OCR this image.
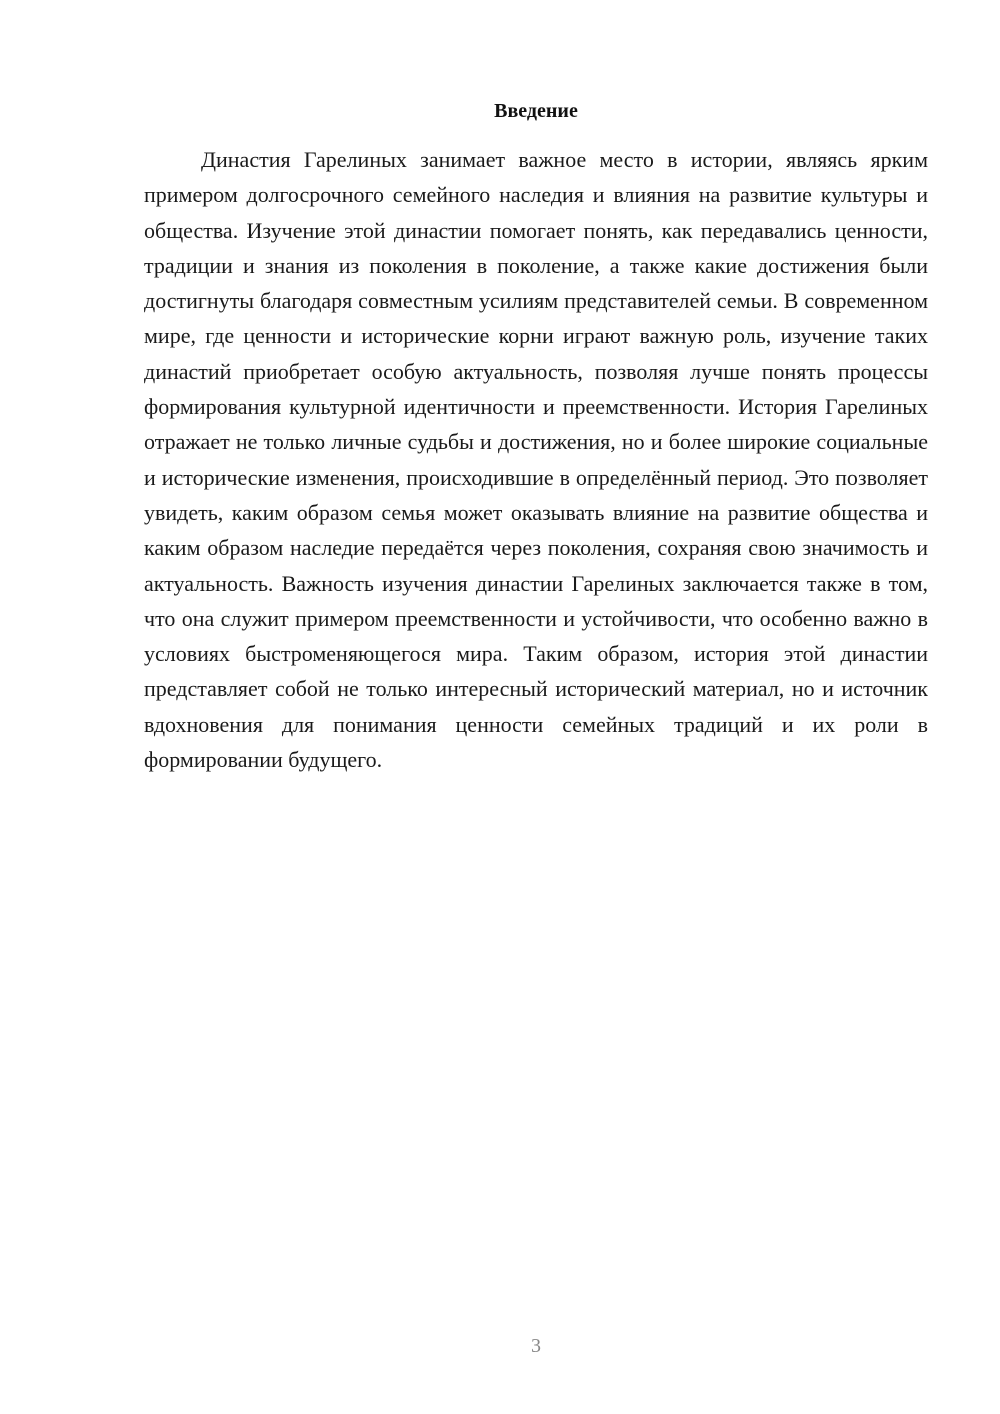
Введение

Династия Гарелиных занимает важное место в истории, являясь ярким примером долгосрочного семейного наследия и влияния на развитие культуры и общества. Изучение этой династии помогает понять, как передавались ценности, традиции и знания из поколения в поколение, а также какие достижения были достигнуты благодаря совместным усилиям представителей семьи. В современном мире, где ценности и исторические корни играют важную роль, изучение таких династий приобретает особую актуальность, позволяя лучше понять процессы формирования культурной идентичности и преемственности. История Гарелиных отражает не только личные судьбы и достижения, но и более широкие социальные и исторические изменения, происходившие в определённый период. Это позволяет увидеть, каким образом семья может оказывать влияние на развитие общества и каким образом наследие передаётся через поколения, сохраняя свою значимость и актуальность. Важность изучения династии Гарелиных заключается также в том, что она служит примером преемственности и устойчивости, что особенно важно в условиях быстроменяющегося мира. Таким образом, история этой династии представляет собой не только интересный исторический материал, но и источник вдохновения для понимания ценности семейных традиций и их роли в формировании будущего.

3
